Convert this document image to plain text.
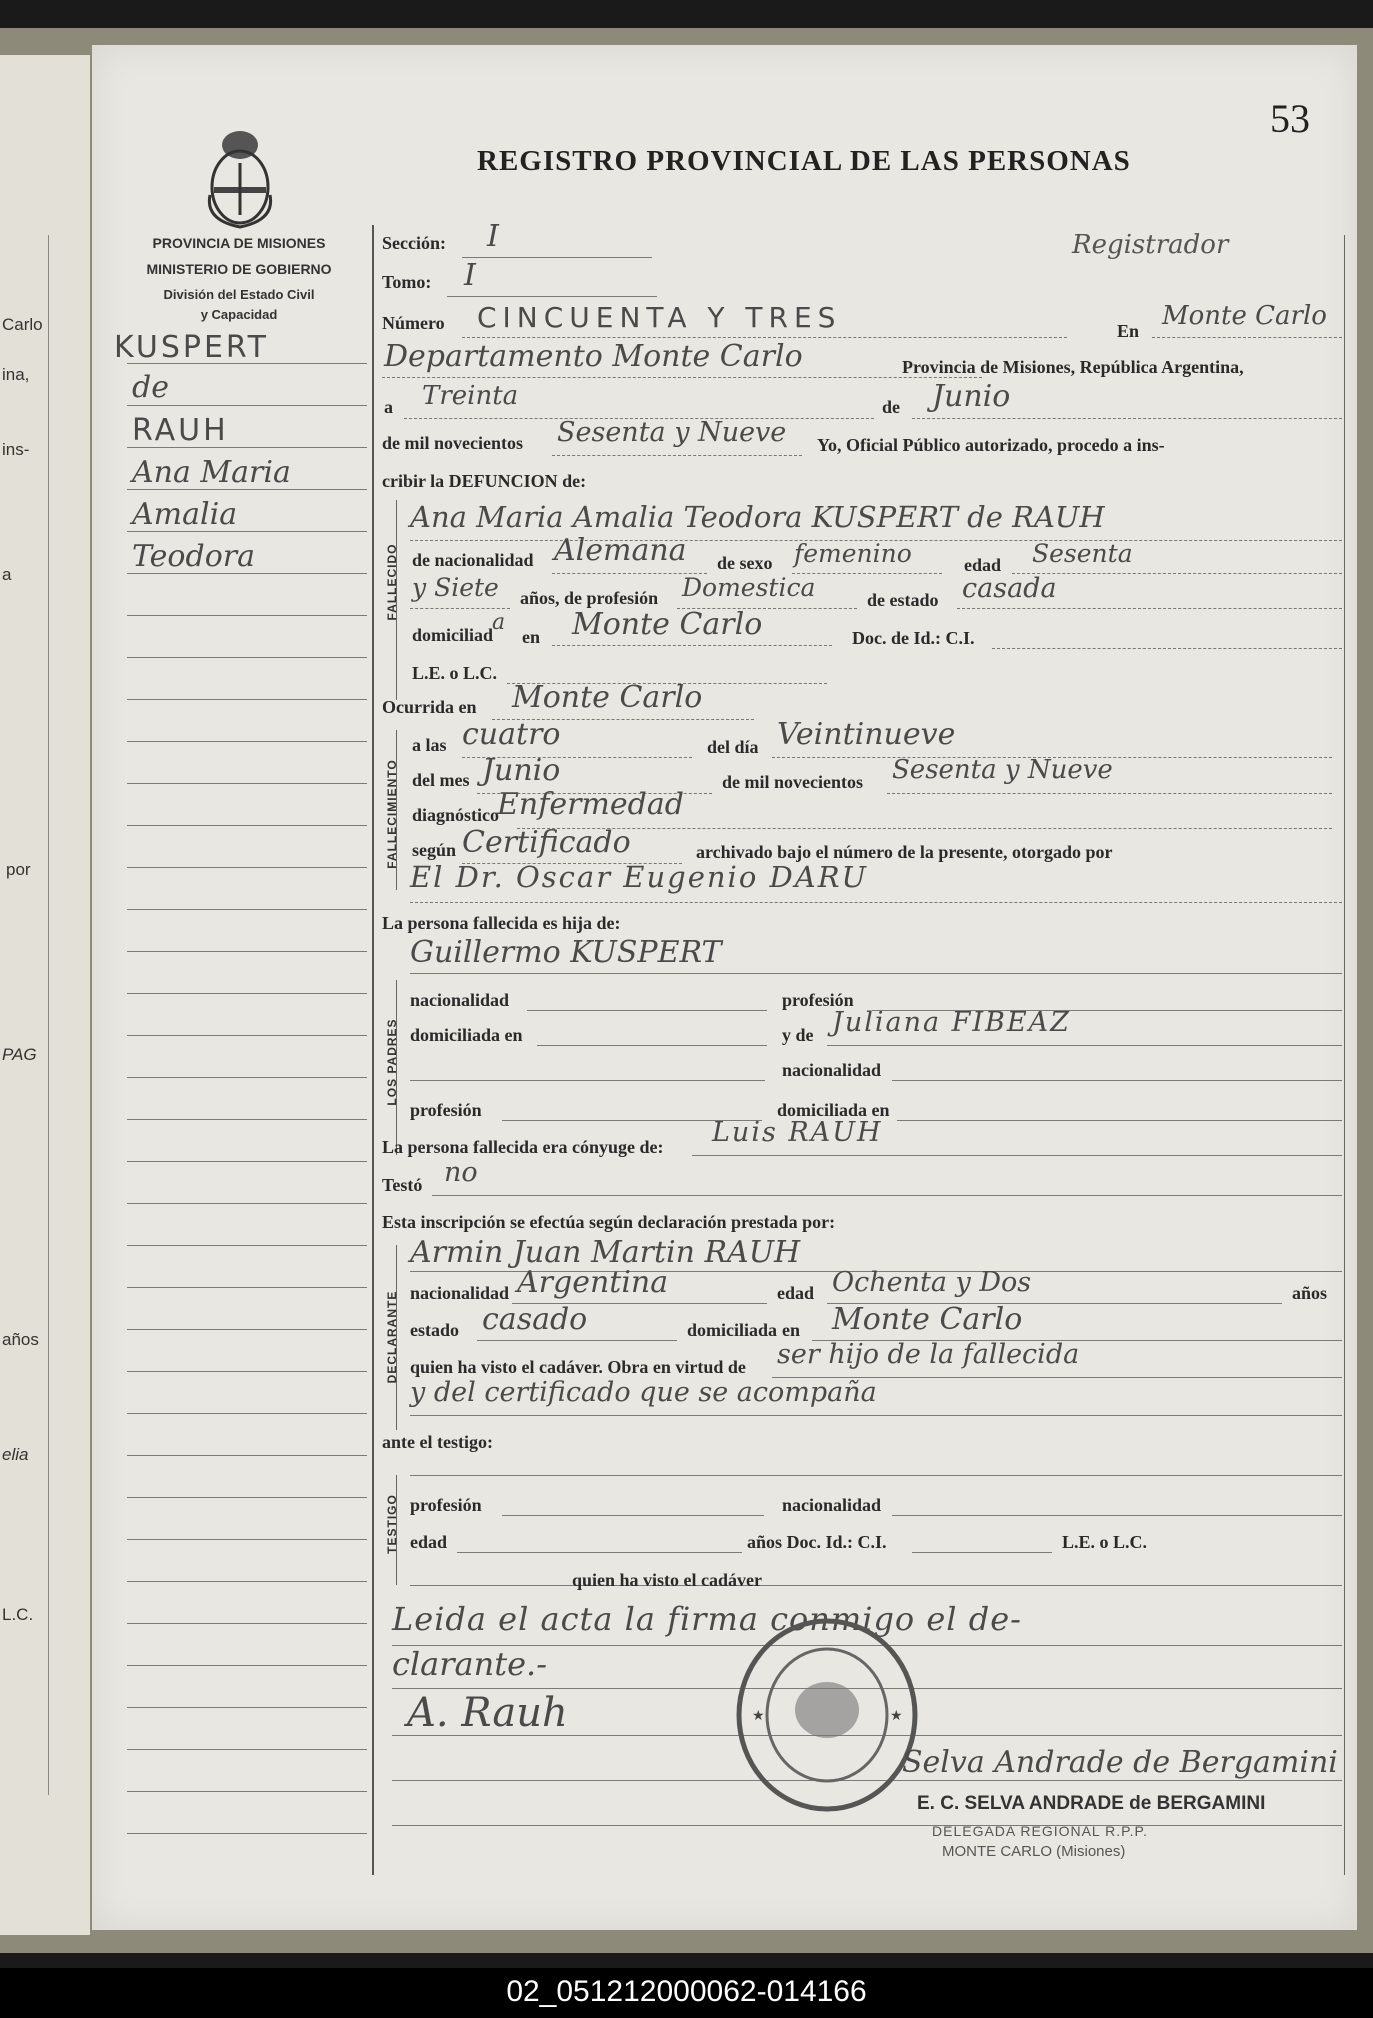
Carlo
ina,
ins-
a
por
PAG
años
elia
L.C.
53
REGISTRO PROVINCIAL DE LAS PERSONAS
PROVINCIA DE MISIONES
MINISTERIO DE GOBIERNO
División del Estado Civil
y Capacidad
KUSPERT
de
RAUH
Ana Maria
Amalia
Teodora
Sección: I
Tomo: I
Registrador
Número CINCUENTA Y TRES	En Monte Carlo
Departamento Monte Carlo	Provincia de Misiones, República Argentina,
a Treinta	de Junio
de mil novecientos Sesenta y Nueve Yo, Oficial Público autorizado, procedo a ins-
cribir la DEFUNCION de:
FALLECIDO
Ana Maria Amalia Teodora KUSPERT de RAUH
de nacionalidad Alemana de sexo femenino	edad Sesenta
y Siete años, de profesión Domestica	de estado casada
domiciliad
a
en Monte Carlo	Doc. de Id.: C.I.
L.E. o L.C.
Ocurrida en Monte Carlo
FALLECIMIENTO
a las cuatro	del día Veintinueve
del mes Junio	de mil novecientos Sesenta y Nueve
diagnóstico
Enfermedad
según Certificado	archivado bajo el número de la presente, otorgado por
El Dr. Oscar Eugenio DARU
La persona fallecida es hija de:
Guillermo KUSPERT
LOS PADRES
nacionalidad	profesión
domiciliada en	y de Juliana FIBEAZ
nacionalidad
profesión	domiciliada en
La persona fallecida era cónyuge de: Luis RAUH
Testó no
Esta inscripción se efectúa según declaración prestada por:
Armin Juan Martin RAUH
DECLARANTE nacionalidad Argentina	edad Ochenta y Dos	años
estado casado	domiciliada en Monte Carlo
quien ha visto el cadáver. Obra en virtud de ser hijo de la fallecida
y del certificado que se acompaña
ante el testigo:
TESTIGO profesión	nacionalidad
edad	años Doc. Id.: C.I.	L.E. o L.C.
quien ha visto el cadáver
Leida el acta la firma conmigo el de-
clarante.-
A. Rauh	★	★
Selva Andrade de Bergamini
E. C. SELVA ANDRADE de BERGAMINI
DELEGADA REGIONAL R.P.P.
MONTE CARLO (Misiones)
02_051212000062-014166
